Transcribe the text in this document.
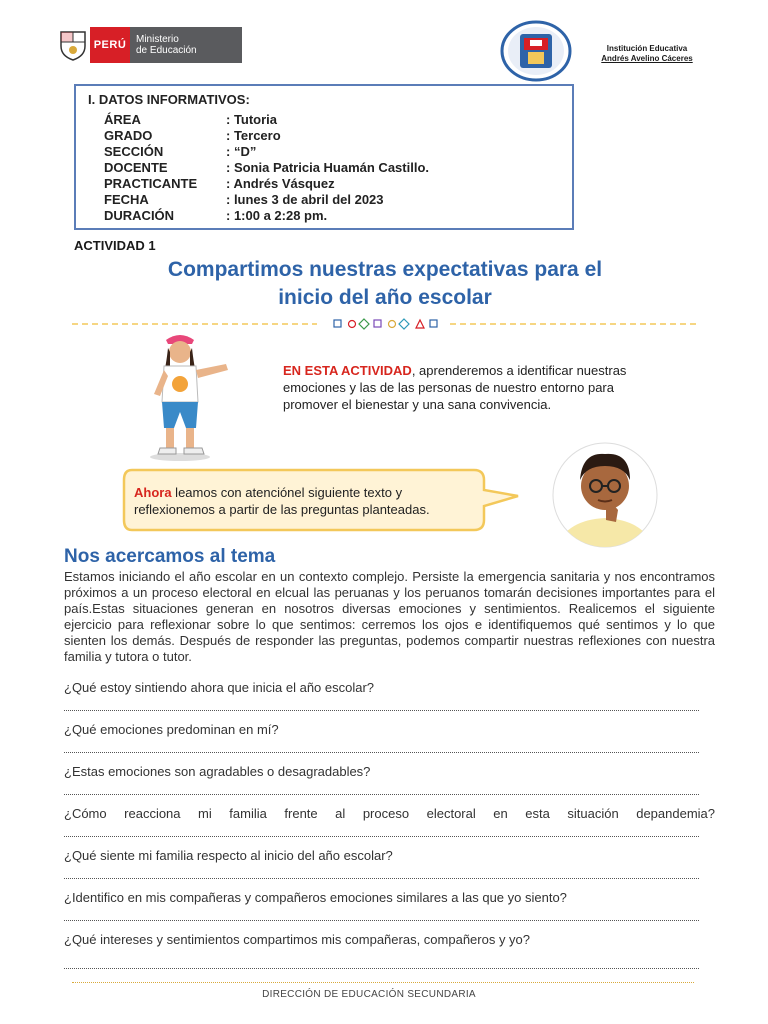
PERÚ Ministerio
de Educación	Institución Educativa
Andrés Avelino Cáceres
I. DATOS INFORMATIVOS:
ÁREA	: Tutoria
GRADO	: Tercero
SECCIÓN	: “D”
DOCENTE	: Sonia Patricia Huamán Castillo.
PRACTICANTE : Andrés Vásquez
FECHA	: lunes 3 de abril del 2023
DURACIÓN	: 1:00 a 2:28 pm.
ACTIVIDAD 1
Compartimos nuestras expectativas para el
inicio del año escolar
EN ESTA ACTIVIDAD, aprenderemos a identificar nuestras emociones y las de las personas de nuestro entorno para promover el bienestar y una sana convivencia.
Ahora leamos con atenciónel siguiente texto y reflexionemos a partir de las preguntas planteadas.
Nos acercamos al tema
Estamos iniciando el año escolar en un contexto complejo. Persiste la emergencia sanitaria y nos encontramos próximos a un proceso electoral en elcual las peruanas y los peruanos tomarán decisiones importantes para el país.Estas situaciones generan en nosotros diversas emociones y sentimientos. Realicemos el siguiente ejercicio para reflexionar sobre lo que sentimos: cerremos los ojos e identifiquemos qué sentimos y lo que sienten los demás. Después de responder las preguntas, podemos compartir nuestras reflexiones con nuestra familia y tutora o tutor.
¿Qué estoy sintiendo ahora que inicia el año escolar?
¿Qué emociones predominan en mí?
¿Estas emociones son agradables o desagradables?
¿Cómo reacciona mi familia frente al proceso electoral en esta situación depandemia?
¿Qué siente mi familia respecto al inicio del año escolar?
¿Identifico en mis compañeras y compañeros emociones similares a las que yo siento?
¿Qué intereses y sentimientos compartimos mis compañeras, compañeros y yo?
DIRECCIÓN DE EDUCACIÓN SECUNDARIA
